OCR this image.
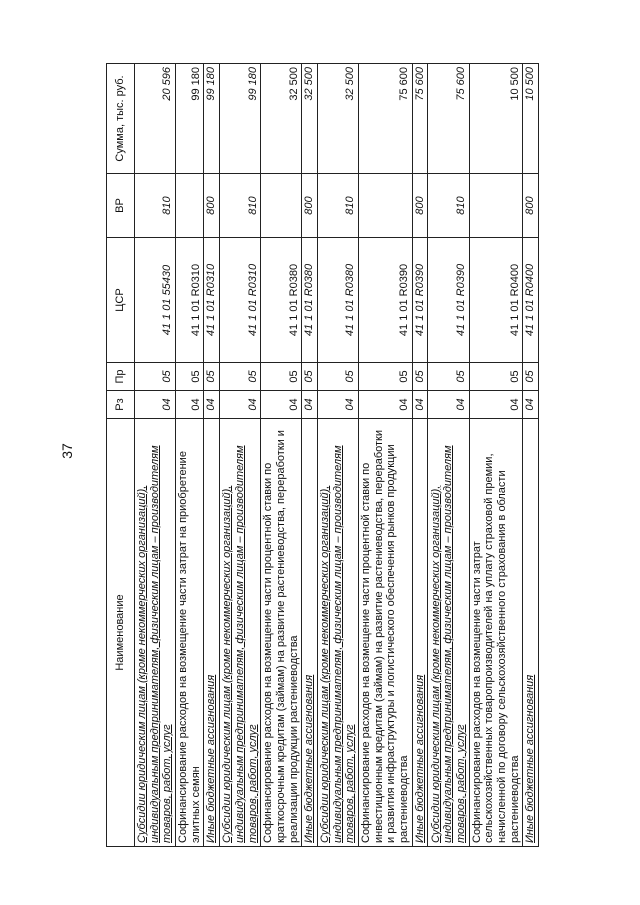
37
Наименование	Рз	Пр	ЦСР	ВР	Сумма, тыс. руб.
Субсидии юридическим лицам (кроме некоммерческих организаций), индивидуальным предпринимателям, физическим лицам – производителям товаров, работ, услуг	04	05	41 1 01 55430	810	20 596
Софинансирование расходов на возмещение части затрат на приобретение элитных семян	04	05	41 1 01 R0310		99 180
Иные бюджетные ассигнования	04	05	41 1 01 R0310	800	99 180
Субсидии юридическим лицам (кроме некоммерческих организаций), индивидуальным предпринимателям, физическим лицам – производителям товаров, работ, услуг	04	05	41 1 01 R0310	810	99 180
Софинансирование расходов на возмещение части процентной ставки по краткосрочным кредитам (займам) на развитие растениеводства, переработки и реализации продукции растениеводства	04	05	41 1 01 R0380		32 500
Иные бюджетные ассигнования	04	05	41 1 01 R0380	800	32 500
Субсидии юридическим лицам (кроме некоммерческих организаций), индивидуальным предпринимателям, физическим лицам – производителям товаров, работ, услуг	04	05	41 1 01 R0380	810	32 500
Софинансирование расходов на возмещение части процентной ставки по инвестиционным кредитам (займам) на развитие растениеводства, переработки и развития инфраструктуры и логистического обеспечения рынков продукции растениеводства	04	05	41 1 01 R0390		75 600
Иные бюджетные ассигнования	04	05	41 1 01 R0390	800	75 600
Субсидии юридическим лицам (кроме некоммерческих организаций), индивидуальным предпринимателям, физическим лицам – производителям товаров, работ, услуг	04	05	41 1 01 R0390	810	75 600
Софинансирование расходов на возмещение части затрат сельскохозяйственных товаропроизводителей на уплату страховой премии, начисленной по договору сельскохозяйственного страхования в области растениеводства	04	05	41 1 01 R0400		10 500
Иные бюджетные ассигнования	04	05	41 1 01 R0400	800	10 500
